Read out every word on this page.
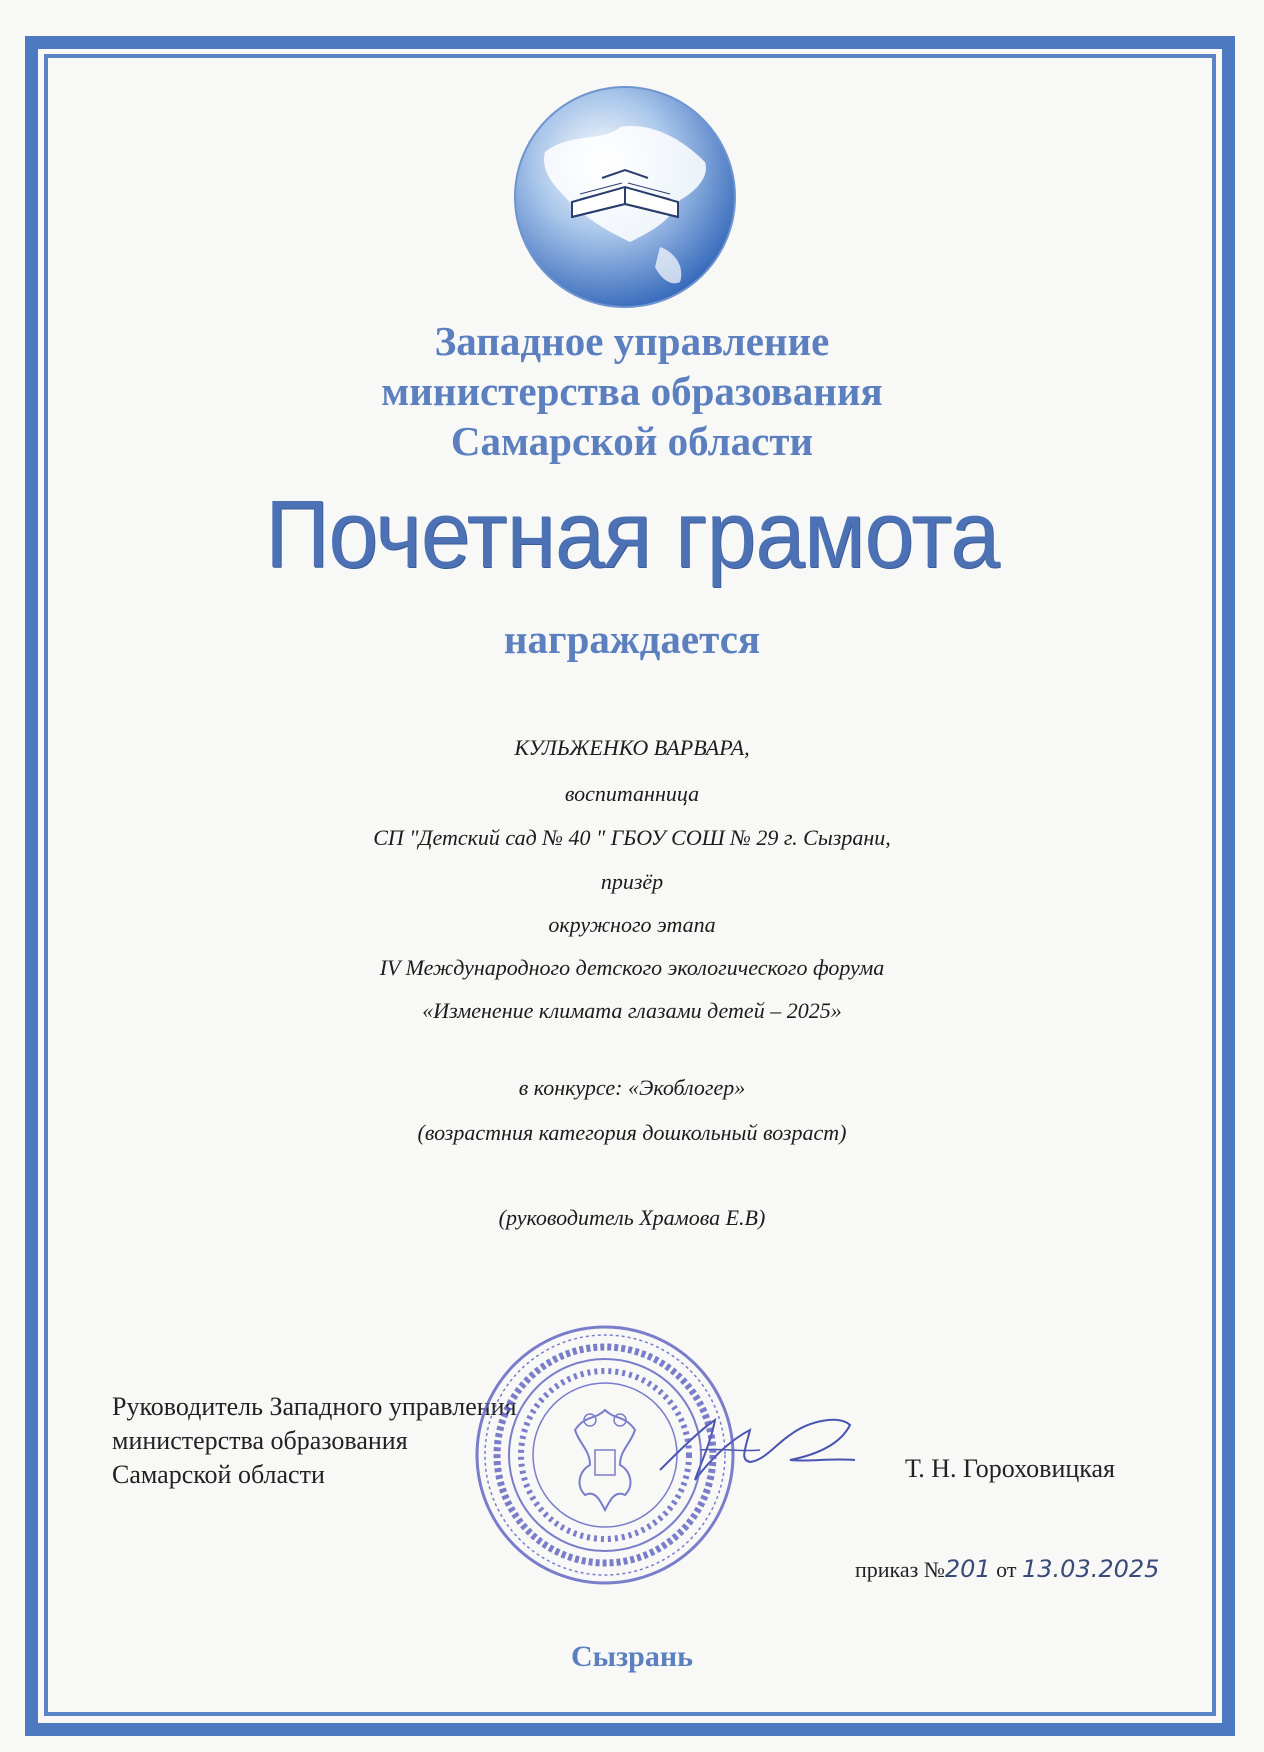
Западное управление
министерства образования
Самарской области
Почетная грамота
награждается
КУЛЬЖЕНКО ВАРВАРА,
воспитанница
СП "Детский сад № 40 " ГБОУ СОШ № 29 г. Сызрани,
призёр
окружного этапа
IV Международного детского экологического форума
«Изменение климата глазами детей – 2025»
в конкурсе: «Экоблогер»
(возрастния категория дошкольный возраст)
(руководитель Храмова Е.В)
Руководитель Западного управления
министерства образования
Самарской области	Т. Н. Гороховицкая
приказ №201 от 13.03.2025
Сызрань
